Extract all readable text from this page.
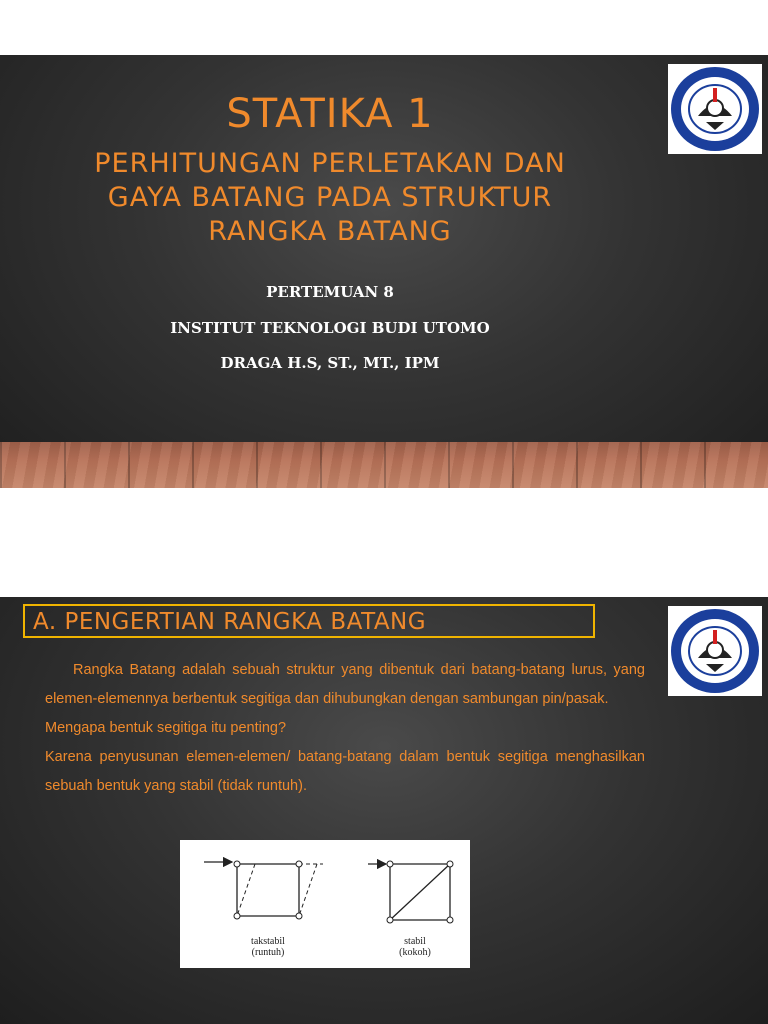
STATIKA 1
PERHITUNGAN PERLETAKAN DAN
GAYA BATANG PADA STRUKTUR
RANGKA BATANG
PERTEMUAN 8
INSTITUT TEKNOLOGI BUDI UTOMO
DRAGA H.S, ST., MT., IPM
A. PENGERTIAN RANGKA BATANG

Rangka Batang adalah sebuah struktur yang dibentuk dari batang-batang lurus, yang elemen-elemennya berbentuk segitiga dan dihubungkan dengan sambungan pin/pasak.

Mengapa bentuk segitiga itu penting?

Karena penyusunan elemen-elemen/ batang-batang dalam bentuk segitiga menghasilkan sebuah bentuk yang stabil (tidak runtuh).

takstabil
(runtuh)
stabil
(kokoh)
